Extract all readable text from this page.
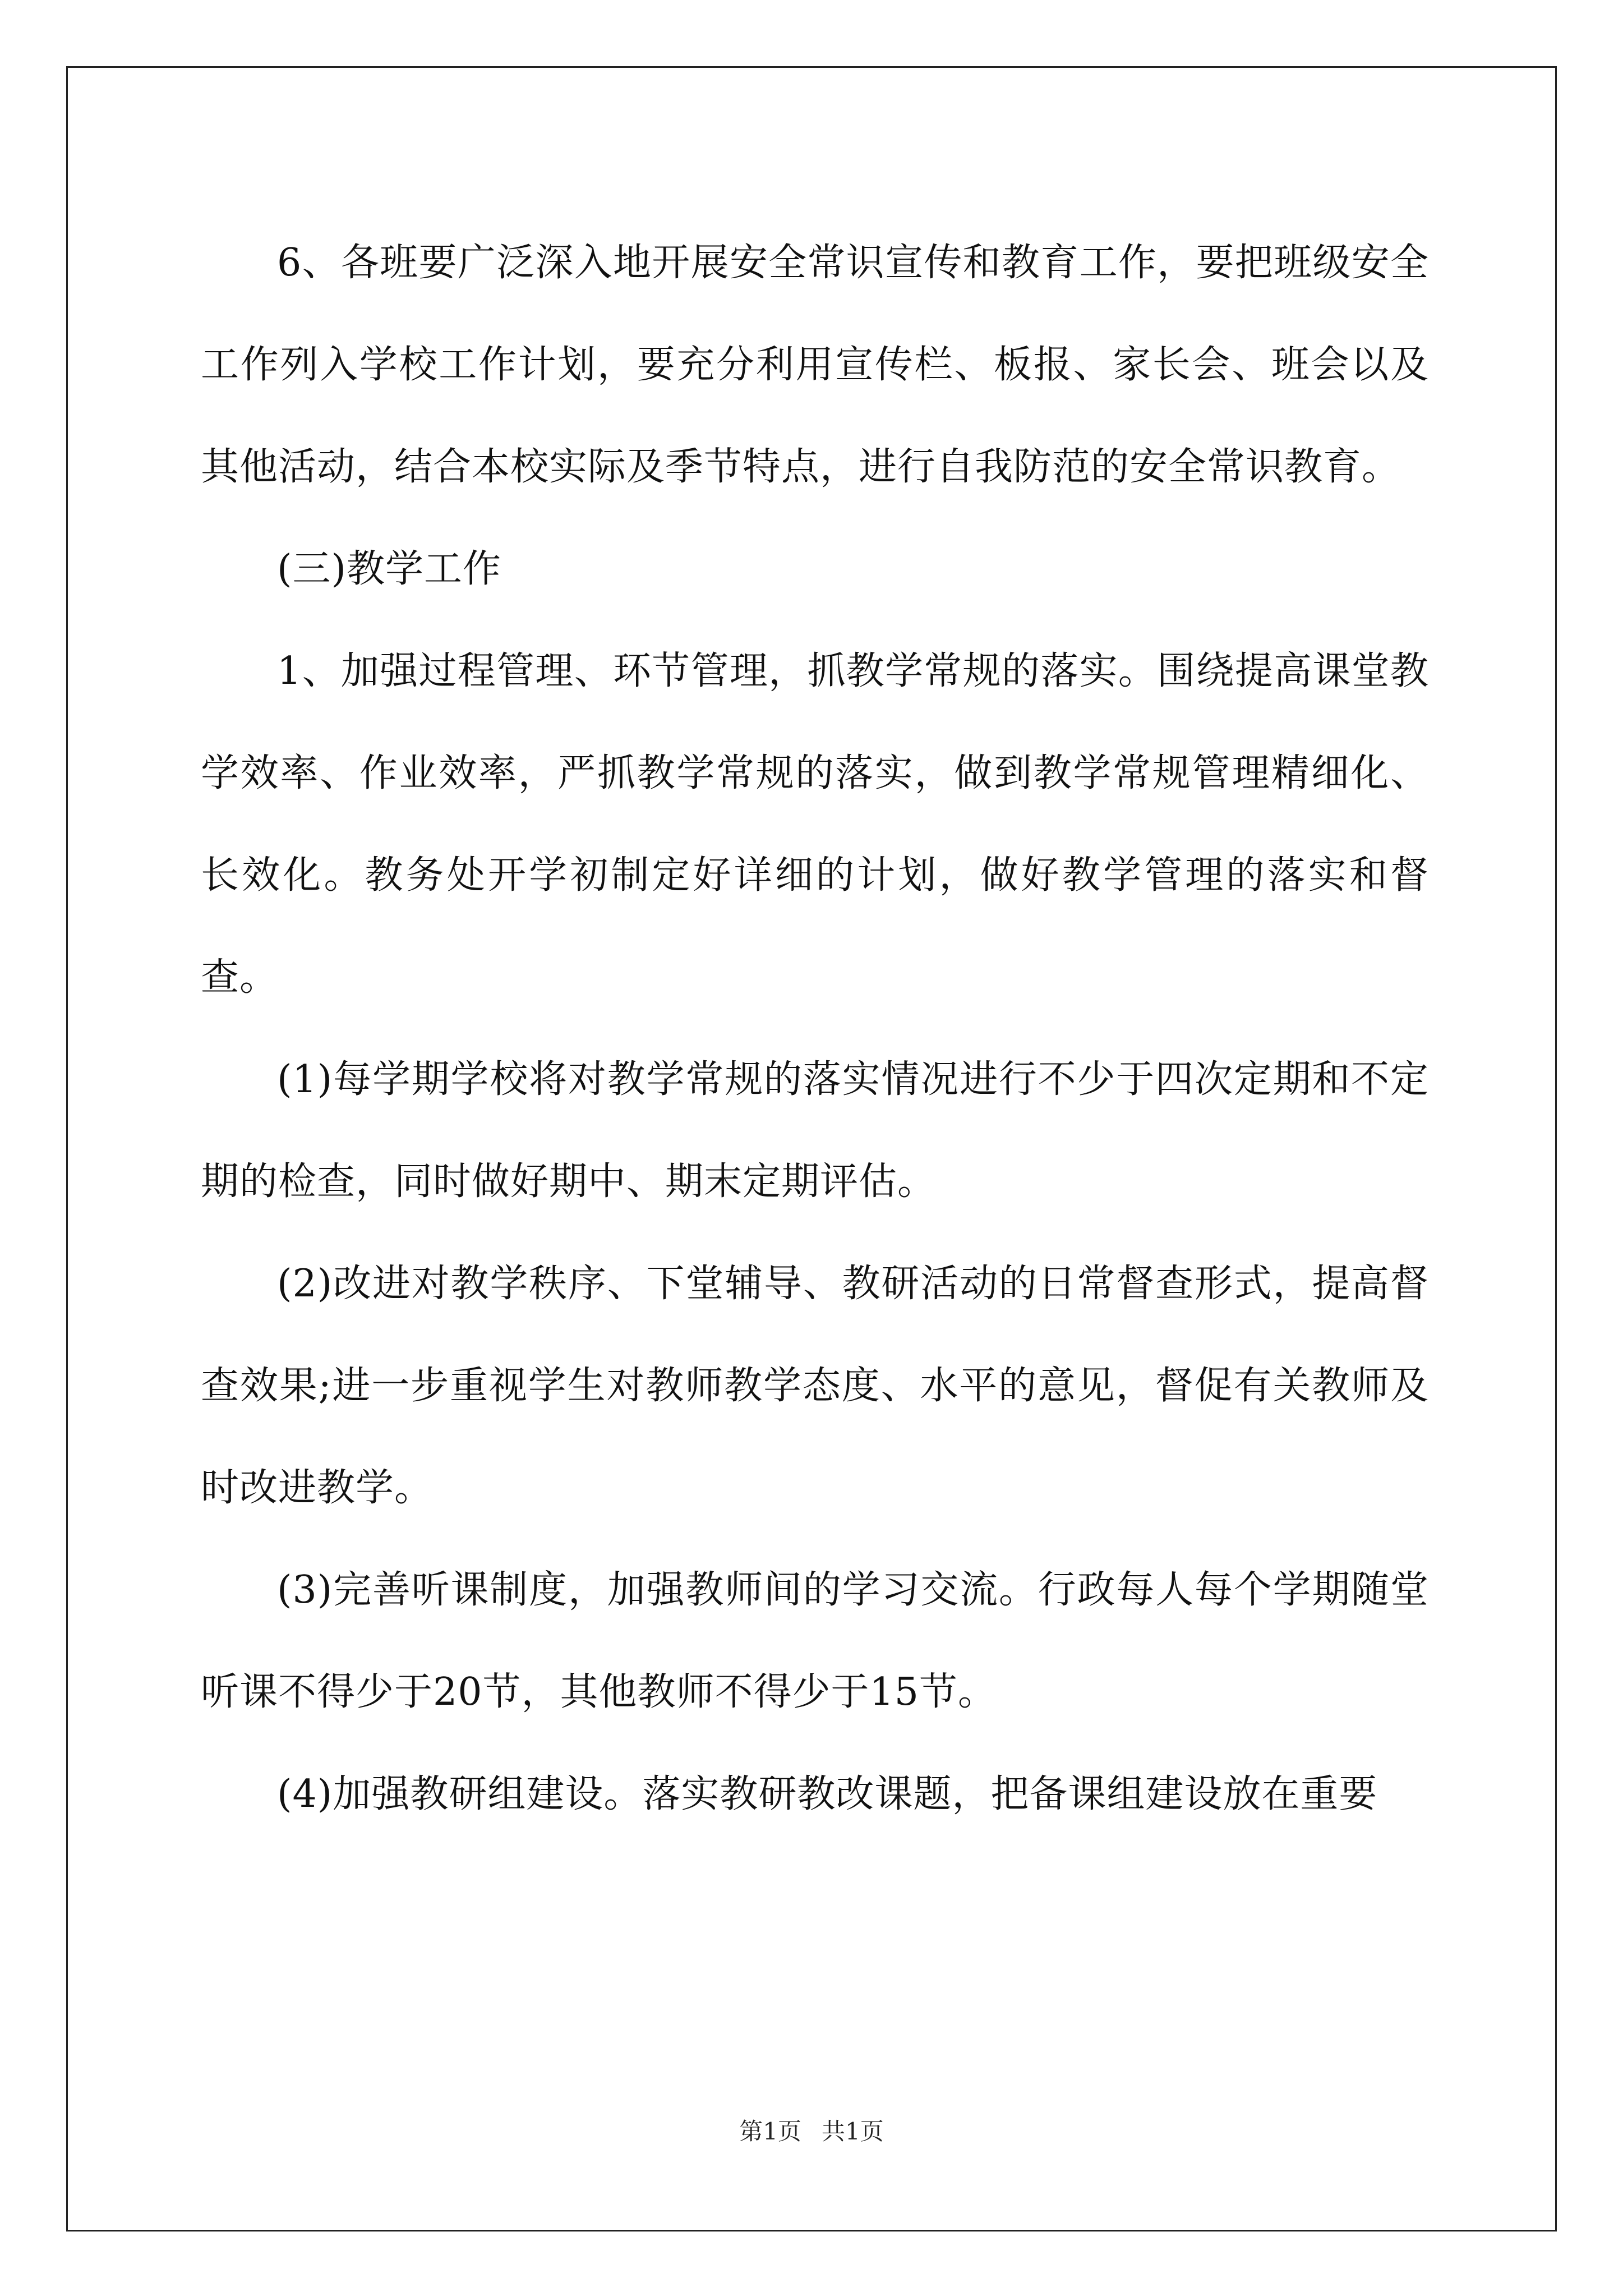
6、各班要广泛深入地开展安全常识宣传和教育工作，要把班级安全工作列入学校工作计划，要充分利用宣传栏、板报、家长会、班会以及其他活动，结合本校实际及季节特点，进行自我防范的安全常识教育。

(三)教学工作

1、加强过程管理、环节管理，抓教学常规的落实。围绕提高课堂教学效率、作业效率，严抓教学常规的落实，做到教学常规管理精细化、长效化。教务处开学初制定好详细的计划，做好教学管理的落实和督查。

(1)每学期学校将对教学常规的落实情况进行不少于四次定期和不定期的检查，同时做好期中、期末定期评估。

(2)改进对教学秩序、下堂辅导、教研活动的日常督查形式，提高督查效果;进一步重视学生对教师教学态度、水平的意见，督促有关教师及时改进教学。

(3)完善听课制度，加强教师间的学习交流。行政每人每个学期随堂听课不得少于20节，其他教师不得少于15节。

(4)加强教研组建设。落实教研教改课题，把备课组建设放在重要

第1页 共1页
